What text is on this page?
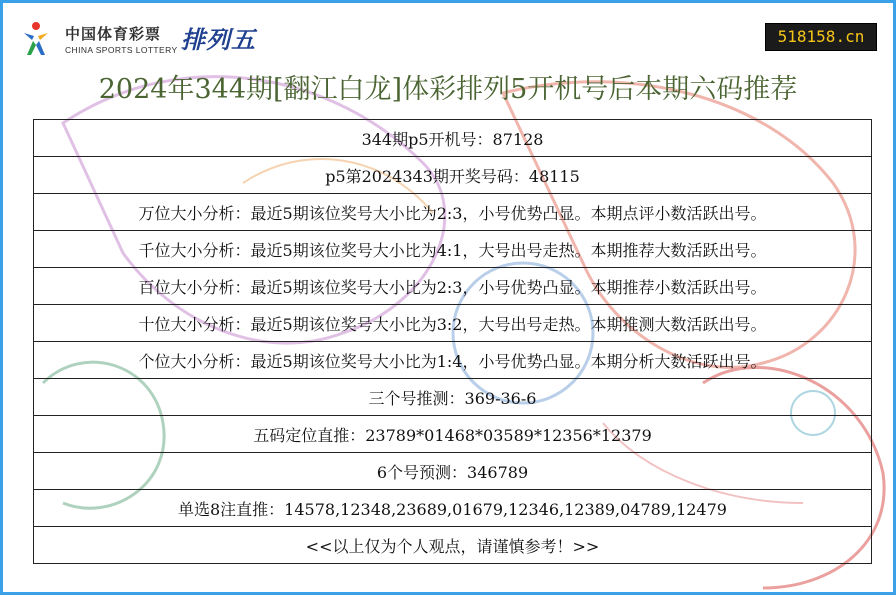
中国体育彩票
CHINA SPORTS LOTTERY 排列五	518158.cn
2024年344期[翻江白龙]体彩排列5开机号后本期六码推荐
344期p5开机号：87128
p5第2024343期开奖号码：48115
万位大小分析：最近5期该位奖号大小比为2:3，小号优势凸显。本期点评小数活跃出号。
千位大小分析：最近5期该位奖号大小比为4:1，大号出号走热。本期推荐大数活跃出号。
百位大小分析：最近5期该位奖号大小比为2:3，小号优势凸显。本期推荐小数活跃出号。
十位大小分析：最近5期该位奖号大小比为3:2，大号出号走热。本期推测大数活跃出号。
个位大小分析：最近5期该位奖号大小比为1:4，小号优势凸显。本期分析大数活跃出号。
三个号推测：369-36-6
五码定位直推：23789*01468*03589*12356*12379
6个号预测：346789
单选8注直推：14578,12348,23689,01679,12346,12389,04789,12479
<<以上仅为个人观点，请谨慎参考！>>
